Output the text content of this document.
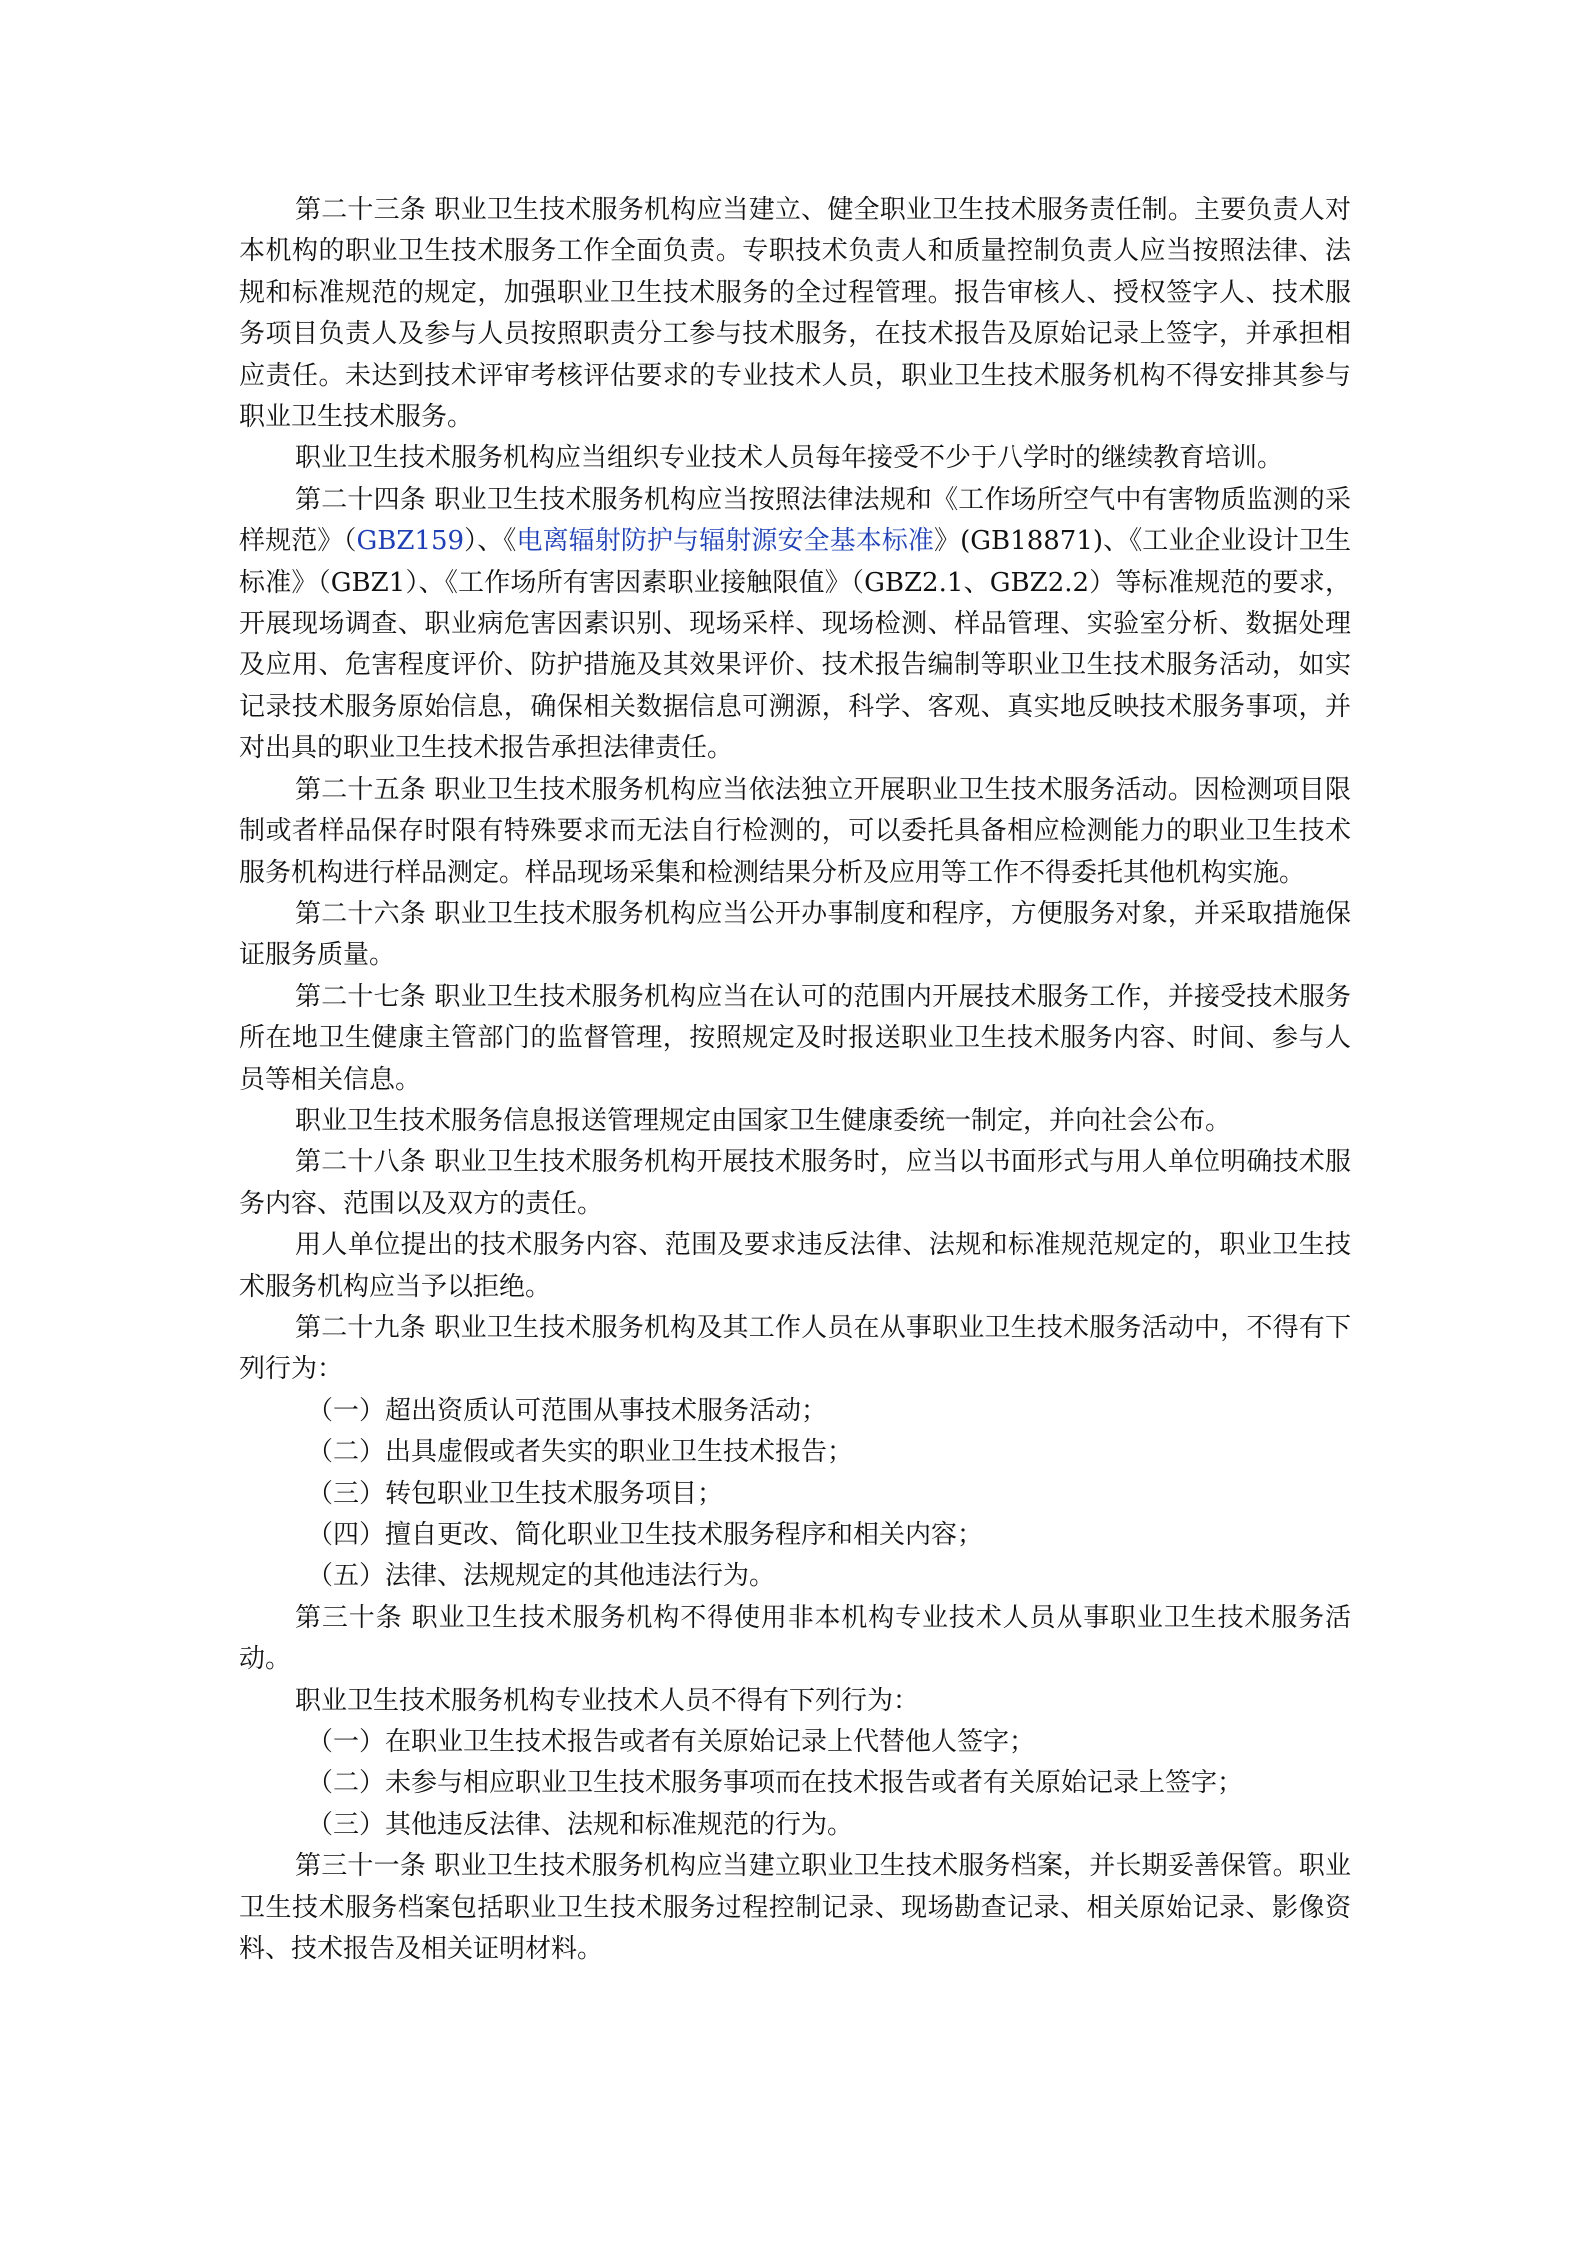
第二十三条 职业卫生技术服务机构应当建立、健全职业卫生技术服务责任制。主要负责人对本机构的职业卫生技术服务工作全面负责。专职技术负责人和质量控制负责人应当按照法律、法规和标准规范的规定，加强职业卫生技术服务的全过程管理。报告审核人、授权签字人、技术服务项目负责人及参与人员按照职责分工参与技术服务，在技术报告及原始记录上签字，并承担相应责任。未达到技术评审考核评估要求的专业技术人员，职业卫生技术服务机构不得安排其参与职业卫生技术服务。

职业卫生技术服务机构应当组织专业技术人员每年接受不少于八学时的继续教育培训。

第二十四条 职业卫生技术服务机构应当按照法律法规和《工作场所空气中有害物质监测的采样规范》（GBZ159）、《电离辐射防护与辐射源安全基本标准》(GB18871)、《工业企业设计卫生标准》（GBZ1）、《工作场所有害因素职业接触限值》（GBZ2.1、GBZ2.2）等标准规范的要求，开展现场调查、职业病危害因素识别、现场采样、现场检测、样品管理、实验室分析、数据处理及应用、危害程度评价、防护措施及其效果评价、技术报告编制等职业卫生技术服务活动，如实记录技术服务原始信息，确保相关数据信息可溯源，科学、客观、真实地反映技术服务事项，并对出具的职业卫生技术报告承担法律责任。

第二十五条 职业卫生技术服务机构应当依法独立开展职业卫生技术服务活动。因检测项目限制或者样品保存时限有特殊要求而无法自行检测的，可以委托具备相应检测能力的职业卫生技术服务机构进行样品测定。样品现场采集和检测结果分析及应用等工作不得委托其他机构实施。

第二十六条 职业卫生技术服务机构应当公开办事制度和程序，方便服务对象，并采取措施保证服务质量。

第二十七条 职业卫生技术服务机构应当在认可的范围内开展技术服务工作，并接受技术服务所在地卫生健康主管部门的监督管理，按照规定及时报送职业卫生技术服务内容、时间、参与人员等相关信息。

职业卫生技术服务信息报送管理规定由国家卫生健康委统一制定，并向社会公布。

第二十八条 职业卫生技术服务机构开展技术服务时，应当以书面形式与用人单位明确技术服务内容、范围以及双方的责任。

用人单位提出的技术服务内容、范围及要求违反法律、法规和标准规范规定的，职业卫生技术服务机构应当予以拒绝。

第二十九条 职业卫生技术服务机构及其工作人员在从事职业卫生技术服务活动中，不得有下列行为：

（一）超出资质认可范围从事技术服务活动；

（二）出具虚假或者失实的职业卫生技术报告；

（三）转包职业卫生技术服务项目；

（四）擅自更改、简化职业卫生技术服务程序和相关内容；

（五）法律、法规规定的其他违法行为。

第三十条 职业卫生技术服务机构不得使用非本机构专业技术人员从事职业卫生技术服务活动。

职业卫生技术服务机构专业技术人员不得有下列行为：

（一）在职业卫生技术报告或者有关原始记录上代替他人签字；

（二）未参与相应职业卫生技术服务事项而在技术报告或者有关原始记录上签字；

（三）其他违反法律、法规和标准规范的行为。

第三十一条 职业卫生技术服务机构应当建立职业卫生技术服务档案，并长期妥善保管。职业卫生技术服务档案包括职业卫生技术服务过程控制记录、现场勘查记录、相关原始记录、影像资料、技术报告及相关证明材料。
